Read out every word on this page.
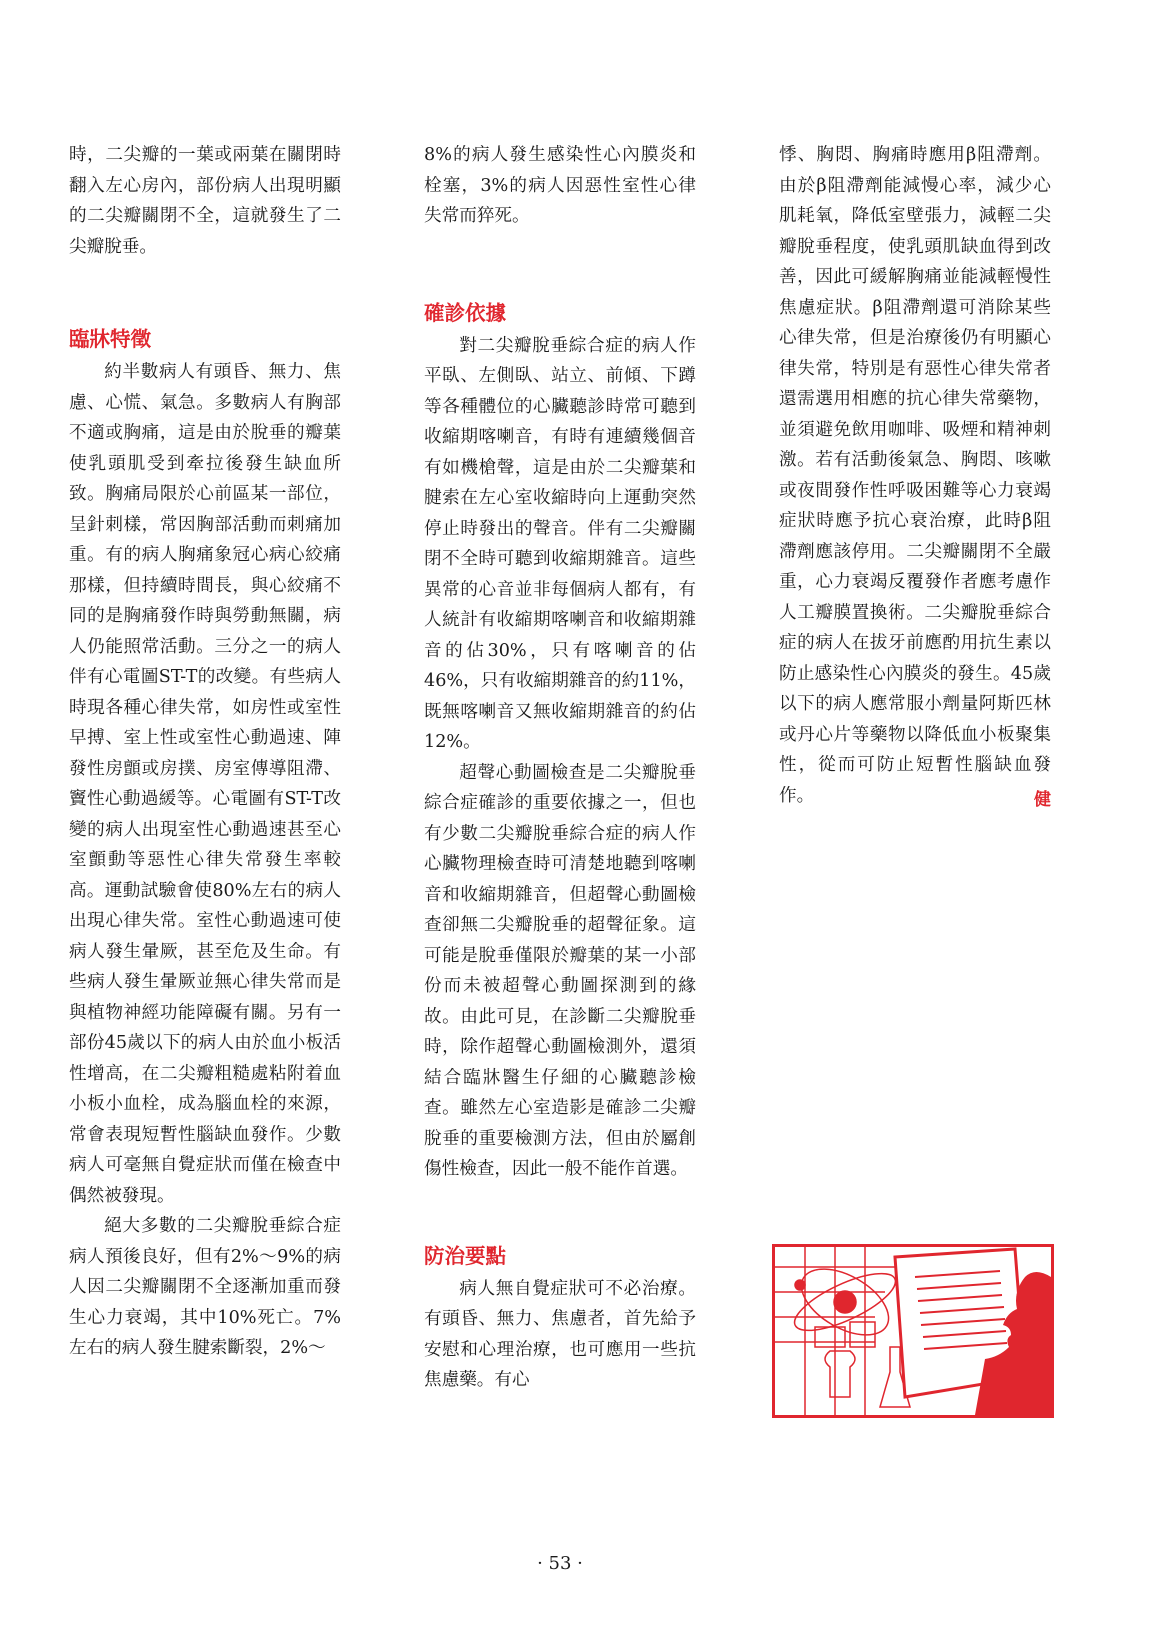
時，二尖瓣的一葉或兩葉在關閉時翻入左心房內，部份病人出現明顯的二尖瓣關閉不全，這就發生了二尖瓣脫垂。

臨牀特徵

約半數病人有頭昏、無力、焦慮、心慌、氣急。多數病人有胸部不適或胸痛，這是由於脫垂的瓣葉使乳頭肌受到牽拉後發生缺血所致。胸痛局限於心前區某一部位，呈針刺樣，常因胸部活動而刺痛加重。有的病人胸痛象冠心病心絞痛那樣，但持續時間長，與心絞痛不同的是胸痛發作時與勞動無關，病人仍能照常活動。三分之一的病人伴有心電圖ST-T的改變。有些病人時現各種心律失常，如房性或室性早搏、室上性或室性心動過速、陣發性房顫或房撲、房室傳導阻滯、竇性心動過緩等。心電圖有ST-T改變的病人出現室性心動過速甚至心室顫動等惡性心律失常發生率較高。運動試驗會使80%左右的病人出現心律失常。室性心動過速可使病人發生暈厥，甚至危及生命。有些病人發生暈厥並無心律失常而是與植物神經功能障礙有關。另有一部份45歲以下的病人由於血小板活性增高，在二尖瓣粗糙處粘附着血小板小血栓，成為腦血栓的來源，常會表現短暫性腦缺血發作。少數病人可毫無自覺症狀而僅在檢查中偶然被發現。

絕大多數的二尖瓣脫垂綜合症病人預後良好，但有2%～9%的病人因二尖瓣關閉不全逐漸加重而發生心力衰竭，其中10%死亡。7%左右的病人發生腱索斷裂，2%～

8%的病人發生感染性心內膜炎和栓塞，3%的病人因惡性室性心律失常而猝死。

確診依據

對二尖瓣脫垂綜合症的病人作平臥、左側臥、站立、前傾、下蹲等各種體位的心臟聽診時常可聽到收縮期喀喇音，有時有連續幾個音有如機槍聲，這是由於二尖瓣葉和腱索在左心室收縮時向上運動突然停止時發出的聲音。伴有二尖瓣關閉不全時可聽到收縮期雜音。這些異常的心音並非每個病人都有，有人統計有收縮期喀喇音和收縮期雜音的佔30%，只有喀喇音的佔46%，只有收縮期雜音的約11%，既無喀喇音又無收縮期雜音的約佔12%。

超聲心動圖檢查是二尖瓣脫垂綜合症確診的重要依據之一，但也有少數二尖瓣脫垂綜合症的病人作心臟物理檢查時可清楚地聽到喀喇音和收縮期雜音，但超聲心動圖檢查卻無二尖瓣脫垂的超聲征象。這可能是脫垂僅限於瓣葉的某一小部份而未被超聲心動圖探測到的緣故。由此可見，在診斷二尖瓣脫垂時，除作超聲心動圖檢測外，還須結合臨牀醫生仔細的心臟聽診檢查。雖然左心室造影是確診二尖瓣脫垂的重要檢測方法，但由於屬創傷性檢查，因此一般不能作首選。

防治要點

病人無自覺症狀可不必治療。有頭昏、無力、焦慮者，首先給予安慰和心理治療，也可應用一些抗焦慮藥。有心

悸、胸悶、胸痛時應用β阻滯劑。由於β阻滯劑能減慢心率，減少心肌耗氧，降低室壁張力，減輕二尖瓣脫垂程度，使乳頭肌缺血得到改善，因此可緩解胸痛並能減輕慢性焦慮症狀。β阻滯劑還可消除某些心律失常，但是治療後仍有明顯心律失常，特別是有惡性心律失常者還需選用相應的抗心律失常藥物，並須避免飲用咖啡、吸煙和精神刺激。若有活動後氣急、胸悶、咳嗽或夜間發作性呼吸困難等心力衰竭症狀時應予抗心衰治療，此時β阻滯劑應該停用。二尖瓣關閉不全嚴重，心力衰竭反覆發作者應考慮作人工瓣膜置換術。二尖瓣脫垂綜合症的病人在拔牙前應酌用抗生素以防止感染性心內膜炎的發生。45歲以下的病人應常服小劑量阿斯匹林或丹心片等藥物以降低血小板聚集性，從而可防止短暫性腦缺血發作。	健

· 53 ·
